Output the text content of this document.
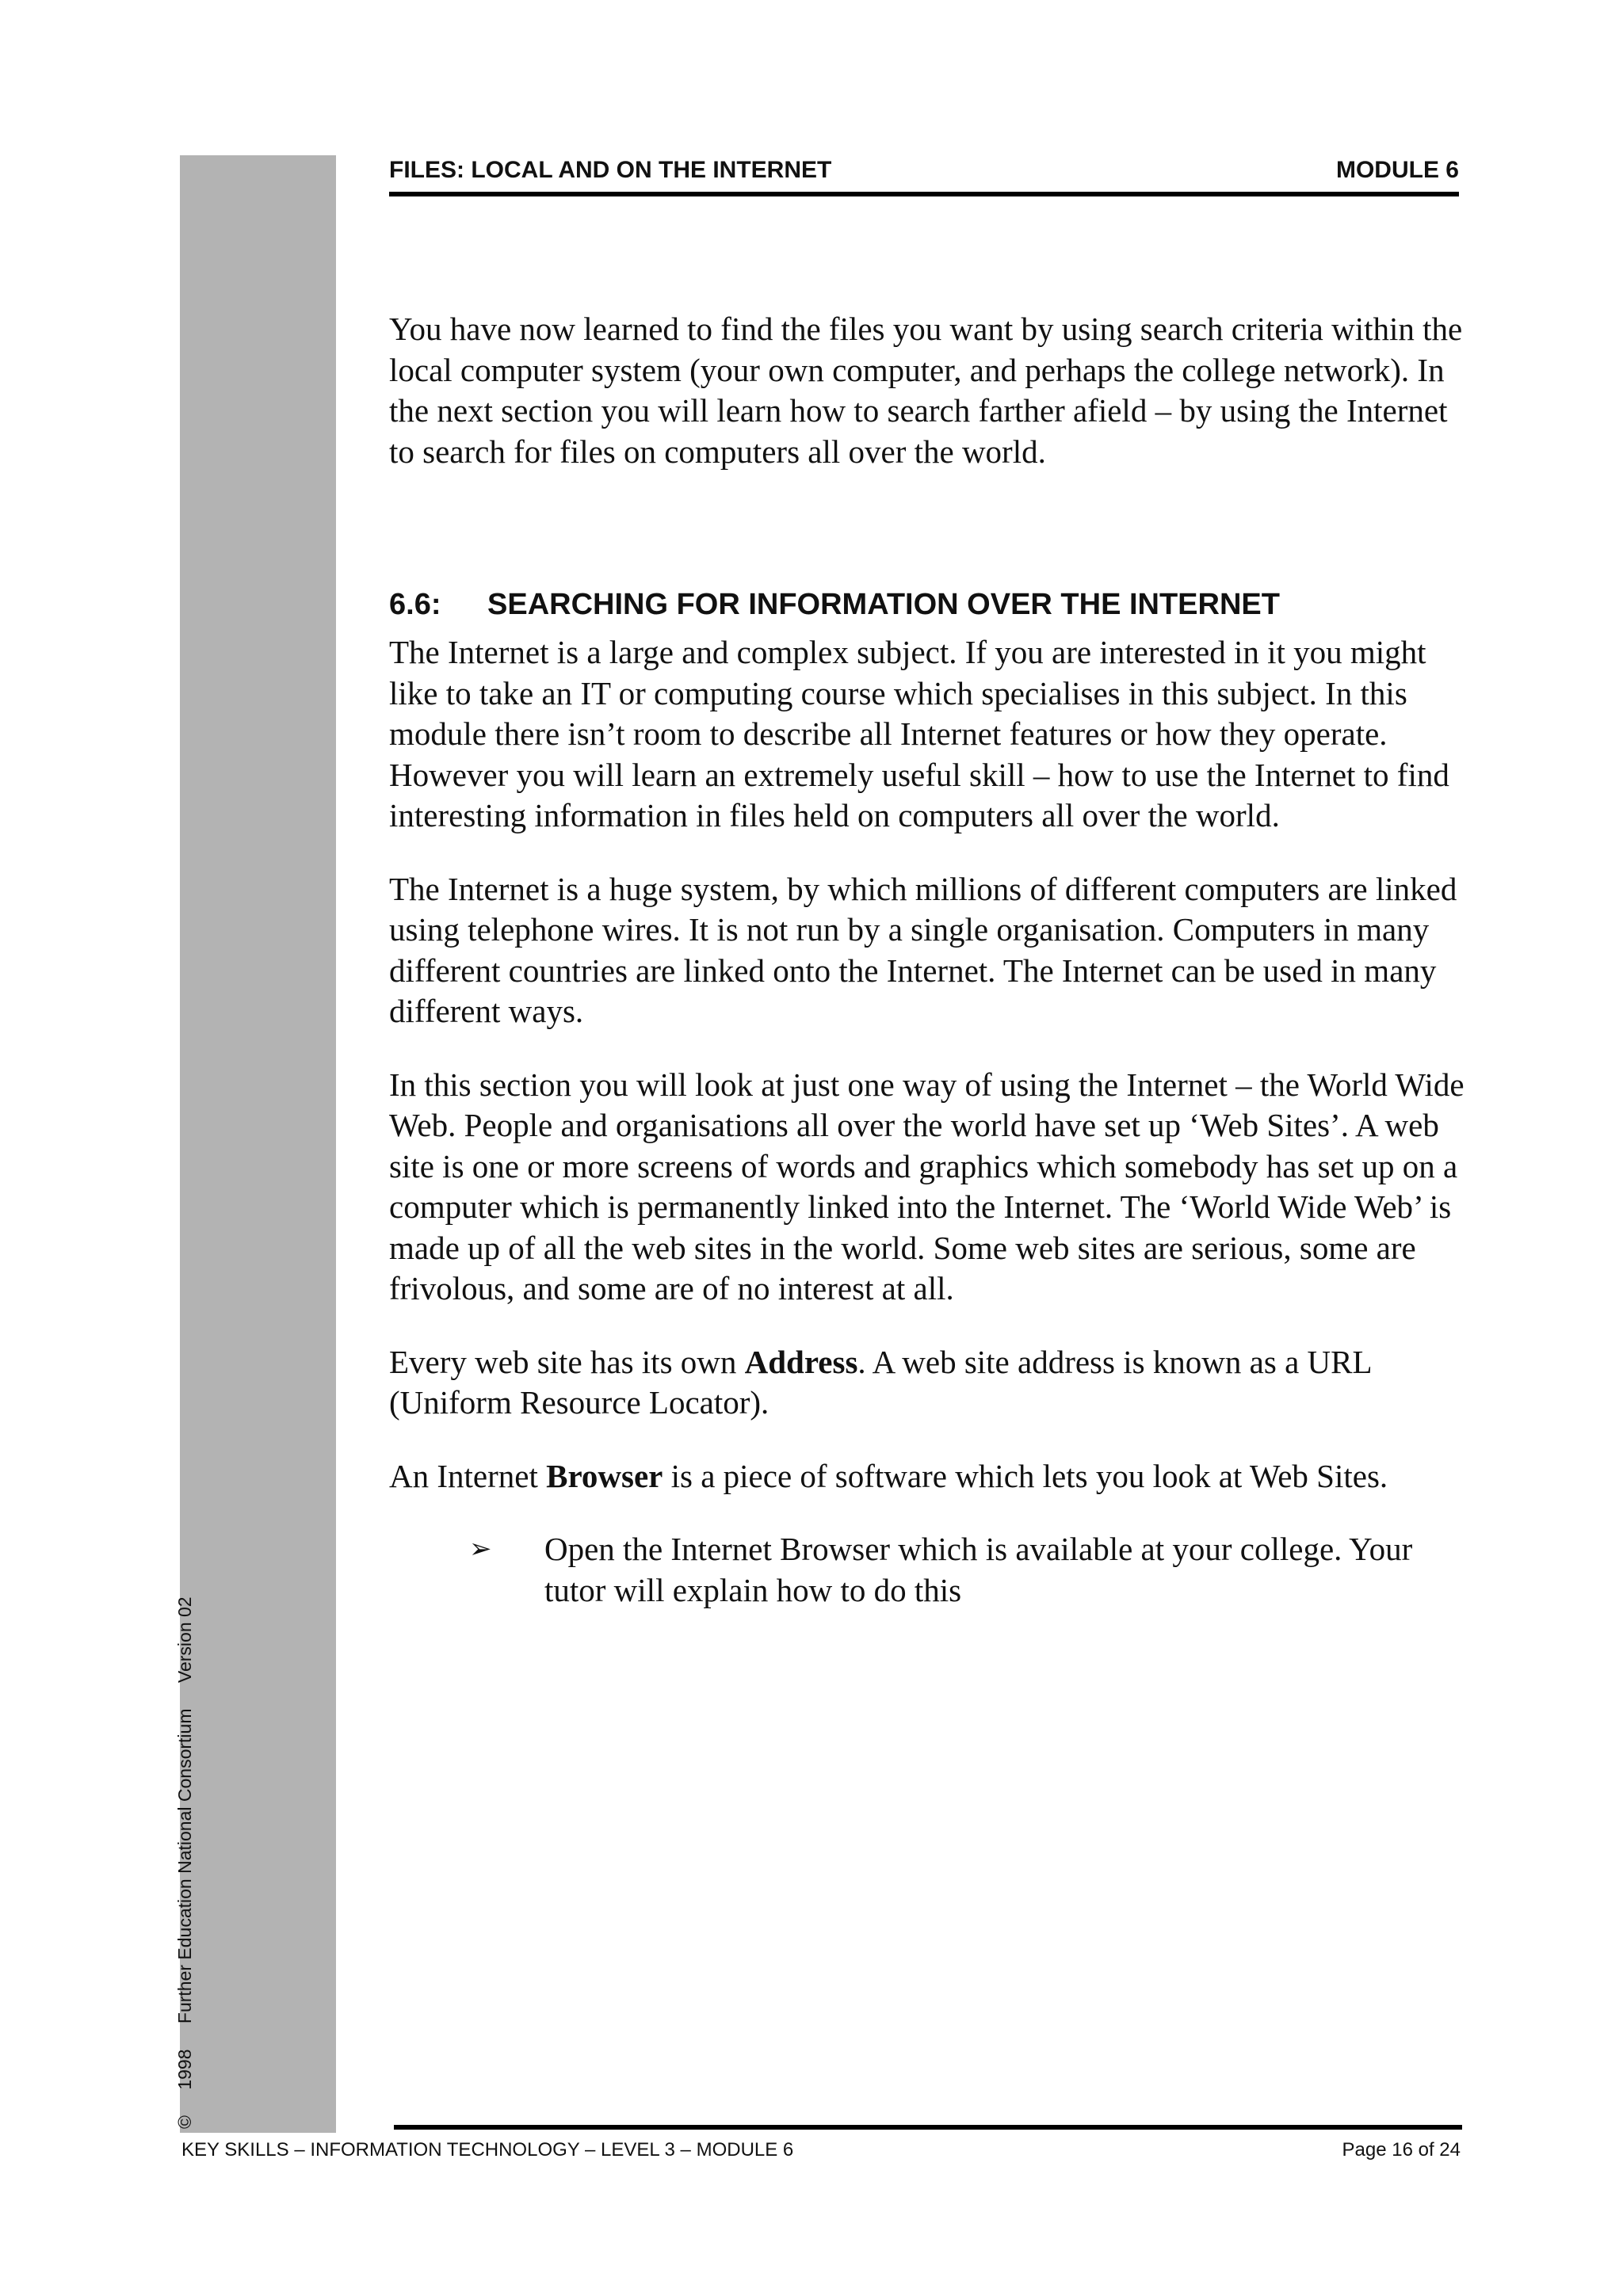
© 1998 Further Education National Consortium Version 02
FILES: LOCAL AND ON THE INTERNET	MODULE 6

You have now learned to find the files you want by using search criteria within the local computer system (your own computer, and perhaps the college network). In the next section you will learn how to search farther afield – by using the Internet to search for files on computers all over the world.

6.6:	SEARCHING FOR INFORMATION OVER THE INTERNET

The Internet is a large and complex subject. If you are interested in it you might like to take an IT or computing course which specialises in this subject. In this module there isn’t room to describe all Internet features or how they operate. However you will learn an extremely useful skill – how to use the Internet to find interesting information in files held on computers all over the world.

The Internet is a huge system, by which millions of different computers are linked using telephone wires. It is not run by a single organisation. Computers in many different countries are linked onto the Internet. The Internet can be used in many different ways.

In this section you will look at just one way of using the Internet – the World Wide Web. People and organisations all over the world have set up ‘Web Sites’. A web site is one or more screens of words and graphics which somebody has set up on a computer which is permanently linked into the Internet. The ‘World Wide Web’ is made up of all the web sites in the world. Some web sites are serious, some are frivolous, and some are of no interest at all.

Every web site has its own Address. A web site address is known as a URL (Uniform Resource Locator).

An Internet Browser is a piece of software which lets you look at Web Sites.

➢	Open the Internet Browser which is available at your college. Your tutor will explain how to do this
KEY SKILLS – INFORMATION TECHNOLOGY – LEVEL 3 – MODULE 6	Page 16 of 24
